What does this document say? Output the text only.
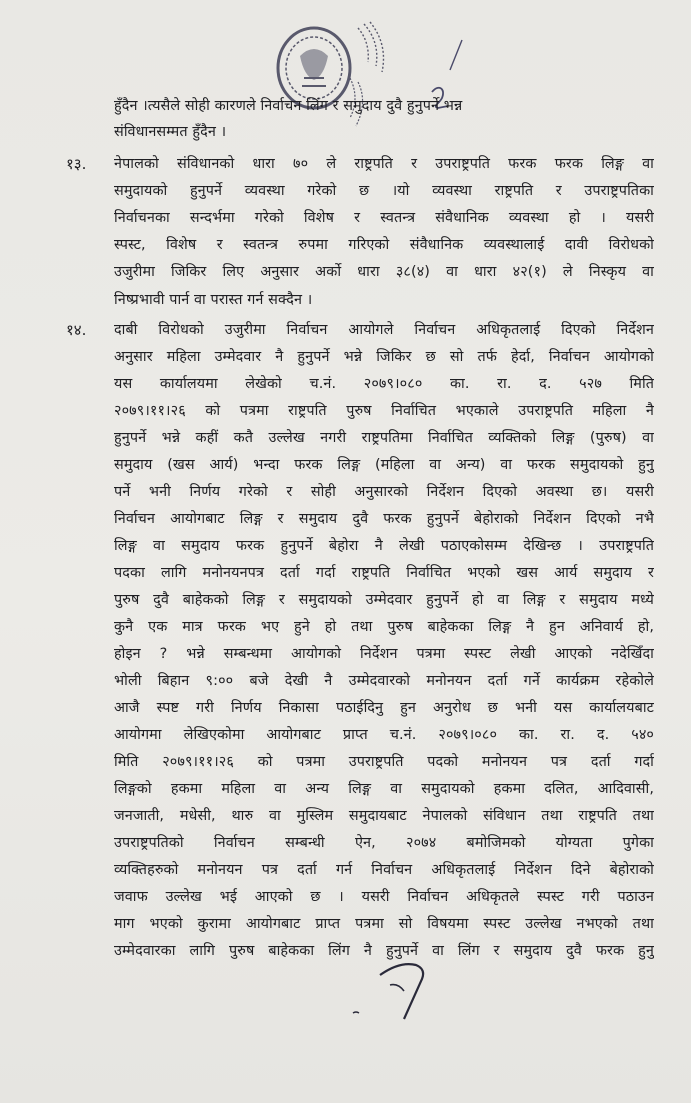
हुँदैन ।त्यसैले सोही कारणले निर्वाचन लिंग र समुदाय दुवै हुनुपर्ने भन्न
संविधानसम्मत हुँदैन ।
१३. नेपालको संविधानको धारा ७० ले राष्ट्रपति र उपराष्ट्रपति फरक फरक लिङ्ग वा
समुदायको हुनुपर्ने व्यवस्था गरेको छ ।यो व्यवस्था राष्ट्रपति र उपराष्ट्रपतिका
निर्वाचनका सन्दर्भमा गरेको विशेष र स्वतन्त्र संवैधानिक व्यवस्था हो । यसरी
स्पस्ट, विशेष र स्वतन्त्र रुपमा गरिएको संवैधानिक व्यवस्थालाई दावी विरोधको
उजुरीमा जिकिर लिए अनुसार अर्को धारा ३८(४) वा धारा ४२(१) ले निस्कृय वा
निष्प्रभावी पार्न वा परास्त गर्न सक्दैन ।
१४. दाबी विरोधको उजुरीमा निर्वाचन आयोगले निर्वाचन अधिकृतलाई दिएको निर्देशन
अनुसार महिला उम्मेदवार नै हुनुपर्ने भन्ने जिकिर छ सो तर्फ हेर्दा, निर्वाचन आयोगको
यस कार्यालयमा लेखेको च.नं. २०७९।०८० का. रा. द. ५२७ मिति
२०७९।११।२६ को पत्रमा राष्ट्रपति पुरुष निर्वाचित भएकाले उपराष्ट्रपति महिला नै
हुनुपर्ने भन्ने कहीं कतै उल्लेख नगरी राष्ट्रपतिमा निर्वाचित व्यक्तिको लिङ्ग (पुरुष) वा
समुदाय (खस आर्य) भन्दा फरक लिङ्ग (महिला वा अन्य) वा फरक समुदायको हुनु
पर्ने भनी निर्णय गरेको र सोही अनुसारको निर्देशन दिएको अवस्था छ। यसरी
निर्वाचन आयोगबाट लिङ्ग र समुदाय दुवै फरक हुनुपर्ने बेहोराको निर्देशन दिएको नभै
लिङ्ग वा समुदाय फरक हुनुपर्ने बेहोरा नै लेखी पठाएकोसम्म देखिन्छ । उपराष्ट्रपति
पदका लागि मनोनयनपत्र दर्ता गर्दा राष्ट्रपति निर्वाचित भएको खस आर्य समुदाय र
पुरुष दुवै बाहेकको लिङ्ग र समुदायको उम्मेदवार हुनुपर्ने हो वा लिङ्ग र समुदाय मध्ये
कुनै एक मात्र फरक भए हुने हो तथा पुरुष बाहेकका लिङ्ग नै हुन अनिवार्य हो,
होइन ? भन्ने सम्बन्धमा आयोगको निर्देशन पत्रमा स्पस्ट लेखी आएको नदेखिँदा
भोली बिहान ९:०० बजे देखी नै उम्मेदवारको मनोनयन दर्ता गर्ने कार्यक्रम रहेकोले
आजै स्पष्ट गरी निर्णय निकासा पठाईदिनु हुन अनुरोध छ भनी यस कार्यालयबाट
आयोगमा लेखिएकोमा आयोगबाट प्राप्त च.नं. २०७९।०८० का. रा. द. ५४०
मिति २०७९।११।२६ को पत्रमा उपराष्ट्रपति पदको मनोनयन पत्र दर्ता गर्दा
लिङ्गको हकमा महिला वा अन्य लिङ्ग वा समुदायको हकमा दलित, आदिवासी,
जनजाती, मधेसी, थारु वा मुस्लिम समुदायबाट नेपालको संविधान तथा राष्ट्रपति तथा
उपराष्ट्रपतिको निर्वाचन सम्बन्धी ऐन, २०७४ बमोजिमको योग्यता पुगेका
व्यक्तिहरुको मनोनयन पत्र दर्ता गर्न निर्वाचन अधिकृतलाई निर्देशन दिने बेहोराको
जवाफ उल्लेख भई आएको छ । यसरी निर्वाचन अधिकृतले स्पस्ट गरी पठाउन
माग भएको कुरामा आयोगबाट प्राप्त पत्रमा सो विषयमा स्पस्ट उल्लेख नभएको तथा
उम्मेदवारका लागि पुरुष बाहेकका लिंग नै हुनुपर्ने वा लिंग र समुदाय दुवै फरक हुनु
